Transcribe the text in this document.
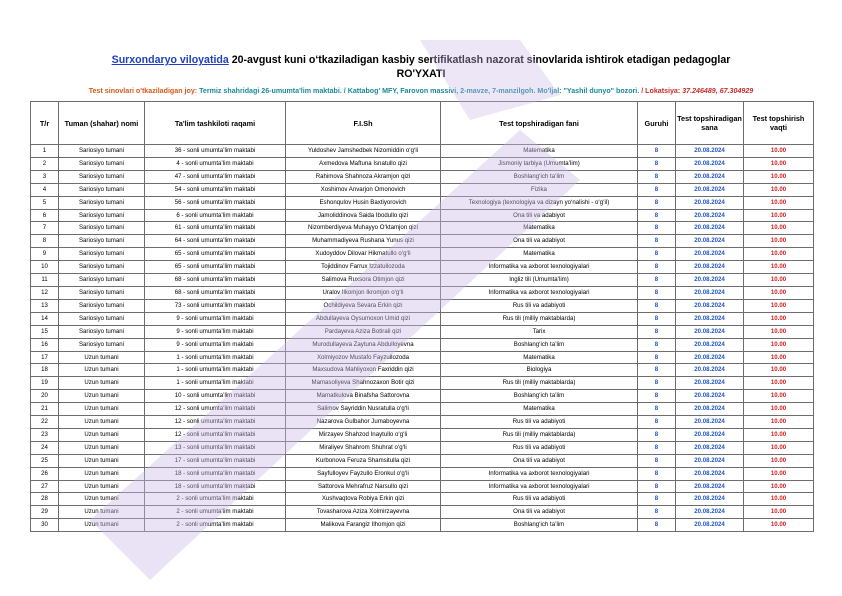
Surxondaryo viloyatida 20-avgust kuni o‘tkaziladigan kasbiy sertifikatlash nazorat sinovlarida ishtirok etadigan pedagoglar
RO'YXATI
Test sinovlari o'tkaziladigan joy: Termiz shahridagi 26-umumta'lim maktabi. / Kattabog' MFY, Farovon massivi, 2-mavze, 7-manzilgoh. Mo'ljal: "Yashil dunyo" bozori. / Lokatsiya: 37.246489, 67.304929
T/r	Tuman (shahar) nomi	Ta'lim tashkiloti raqami	F.I.Sh	Test topshiradigan fani	Guruhi	Test topshiradigan sana	Test topshirish vaqti
1	Sariosiyo tumani	36 - sonli umumta’lim maktabi	Yuldoshev Jamshedbek Nizomiddin o‘g‘li	Matematika	8	20.08.2024	10.00
2	Sariosiyo tumani	4 - sonli umumta’lim maktabi	Axmedova Maftuna Isnatullo qizi	Jismoniy tarbiya (Umumta’lim)	8	20.08.2024	10.00
3	Sariosiyo tumani	47 - sonli umumta’lim maktabi	Rahimova Shahnoza Akramjon qizi	Boshlang‘ich ta’lim	8	20.08.2024	10.00
4	Sariosiyo tumani	54 - sonli umumta’lim maktabi	Xoshimov Anvarjon Omonovich	Fizika	8	20.08.2024	10.00
5	Sariosiyo tumani	56 - sonli umumta’lim maktabi	Eshonqulov Husin Baxtiyorovich	Texnologiya (texnologiya va dizayn yo‘nalishi - o‘g‘il)	8	20.08.2024	10.00
6	Sariosiyo tumani	6 - sonli umumta’lim maktabi	Jamoliddinova Saida Ibodullo qizi	Ona tili va adabiyot	8	20.08.2024	10.00
7	Sariosiyo tumani	61 - sonli umumta’lim maktabi	Nizomberdiyeva Muhayyo O‘ktamjon qizi	Matematika	8	20.08.2024	10.00
8	Sariosiyo tumani	64 - sonli umumta’lim maktabi	Muhammadiyeva Rushana Yunus qizi	Ona tili va adabiyot	8	20.08.2024	10.00
9	Sariosiyo tumani	65 - sonli umumta’lim maktabi	Xudoyddov Dilovar Hikmatullo o‘g‘li	Matematika	8	20.08.2024	10.00
10	Sariosiyo tumani	65 - sonli umumta’lim maktabi	Tojiddinov Farrux Izzatullozoda	Informatika va axborot texnologiyalari	8	20.08.2024	10.00
11	Sariosiyo tumani	68 - sonli umumta’lim maktabi	Salimova Ruxsora Otimjon qizi	Ingliz tili (Umumta’lim)	8	20.08.2024	10.00
12	Sariosiyo tumani	68 - sonli umumta’lim maktabi	Uralov Ilkomjon Ikromjon o‘g‘li	Informatika va axborot texnologiyalari	8	20.08.2024	10.00
13	Sariosiyo tumani	73 - sonli umumta’lim maktabi	Ochildiyeva Sevara Erkin qizi	Rus tili va adabiyoti	8	20.08.2024	10.00
14	Sariosiyo tumani	9 - sonli umumta’lim maktabi	Abdullayeva Oysumoxon Umid qizi	Rus tili (milliy maktablarda)	8	20.08.2024	10.00
15	Sariosiyo tumani	9 - sonli umumta’lim maktabi	Pardayeva Aziza Botirali qizi	Tarix	8	20.08.2024	10.00
16	Sariosiyo tumani	9 - sonli umumta’lim maktabi	Murodullayeva Zaytuna Abdulloyevna	Boshlang‘ich ta’lim	8	20.08.2024	10.00
17	Uzun tumani	1 - sonli umumta’lim maktabi	Xolmiyozov Mustafo Fayzullozoda	Matematika	8	20.08.2024	10.00
18	Uzun tumani	1 - sonli umumta’lim maktabi	Maxsudova Mahliyoxon Faxriddin qizi	Biologiya	8	20.08.2024	10.00
19	Uzun tumani	1 - sonli umumta’lim maktabi	Mamasoliyeva Shahnozaxon Botir qizi	Rus tili (milliy maktablarda)	8	20.08.2024	10.00
20	Uzun tumani	10 - sonli umumta’lim maktabi	Mamatkulova Binafsha Sattorovna	Boshlang‘ich ta’lim	8	20.08.2024	10.00
21	Uzun tumani	12 - sonli umumta’lim maktabi	Salimov Sayriddin Nusratulla o‘g‘li	Matematika	8	20.08.2024	10.00
22	Uzun tumani	12 - sonli umumta’lim maktabi	Nazarova Gulbahor Jumaboyevna	Rus tili va adabiyoti	8	20.08.2024	10.00
23	Uzun tumani	12 - sonli umumta’lim maktabi	Mirzayev Shahzod Inaytullo o‘g‘li	Rus tili (milliy maktablarda)	8	20.08.2024	10.00
24	Uzun tumani	13 - sonli umumta’lim maktabi	Miraliyev Shahrom Shuhrat o‘g‘li	Rus tili va adabiyoti	8	20.08.2024	10.00
25	Uzun tumani	17 - sonli umumta’lim maktabi	Kurbonova Feruza Shamsitulla qizi	Ona tili va adabiyot	8	20.08.2024	10.00
26	Uzun tumani	18 - sonli umumta’lim maktabi	Sayfulloyev Fayzullo Eronkul o‘g‘li	Informatika va axborot texnologiyalari	8	20.08.2024	10.00
27	Uzun tumani	18 - sonli umumta’lim maktabi	Sattorova Mehrafruz Narsullo qizi	Informatika va axborot texnologiyalari	8	20.08.2024	10.00
28	Uzun tumani	2 - sonli umumta’lim maktabi	Xushvaqtova Robiya Erkin qizi	Rus tili va adabiyoti	8	20.08.2024	10.00
29	Uzun tumani	2 - sonli umumta’lim maktabi	Tovasharova Aziza Xolmirzayevna	Ona tili va adabiyot	8	20.08.2024	10.00
30	Uzun tumani	2 - sonli umumta’lim maktabi	Malikova Farangiz Ilhomjon qizi	Boshlang‘ich ta’lim	8	20.08.2024	10.00
